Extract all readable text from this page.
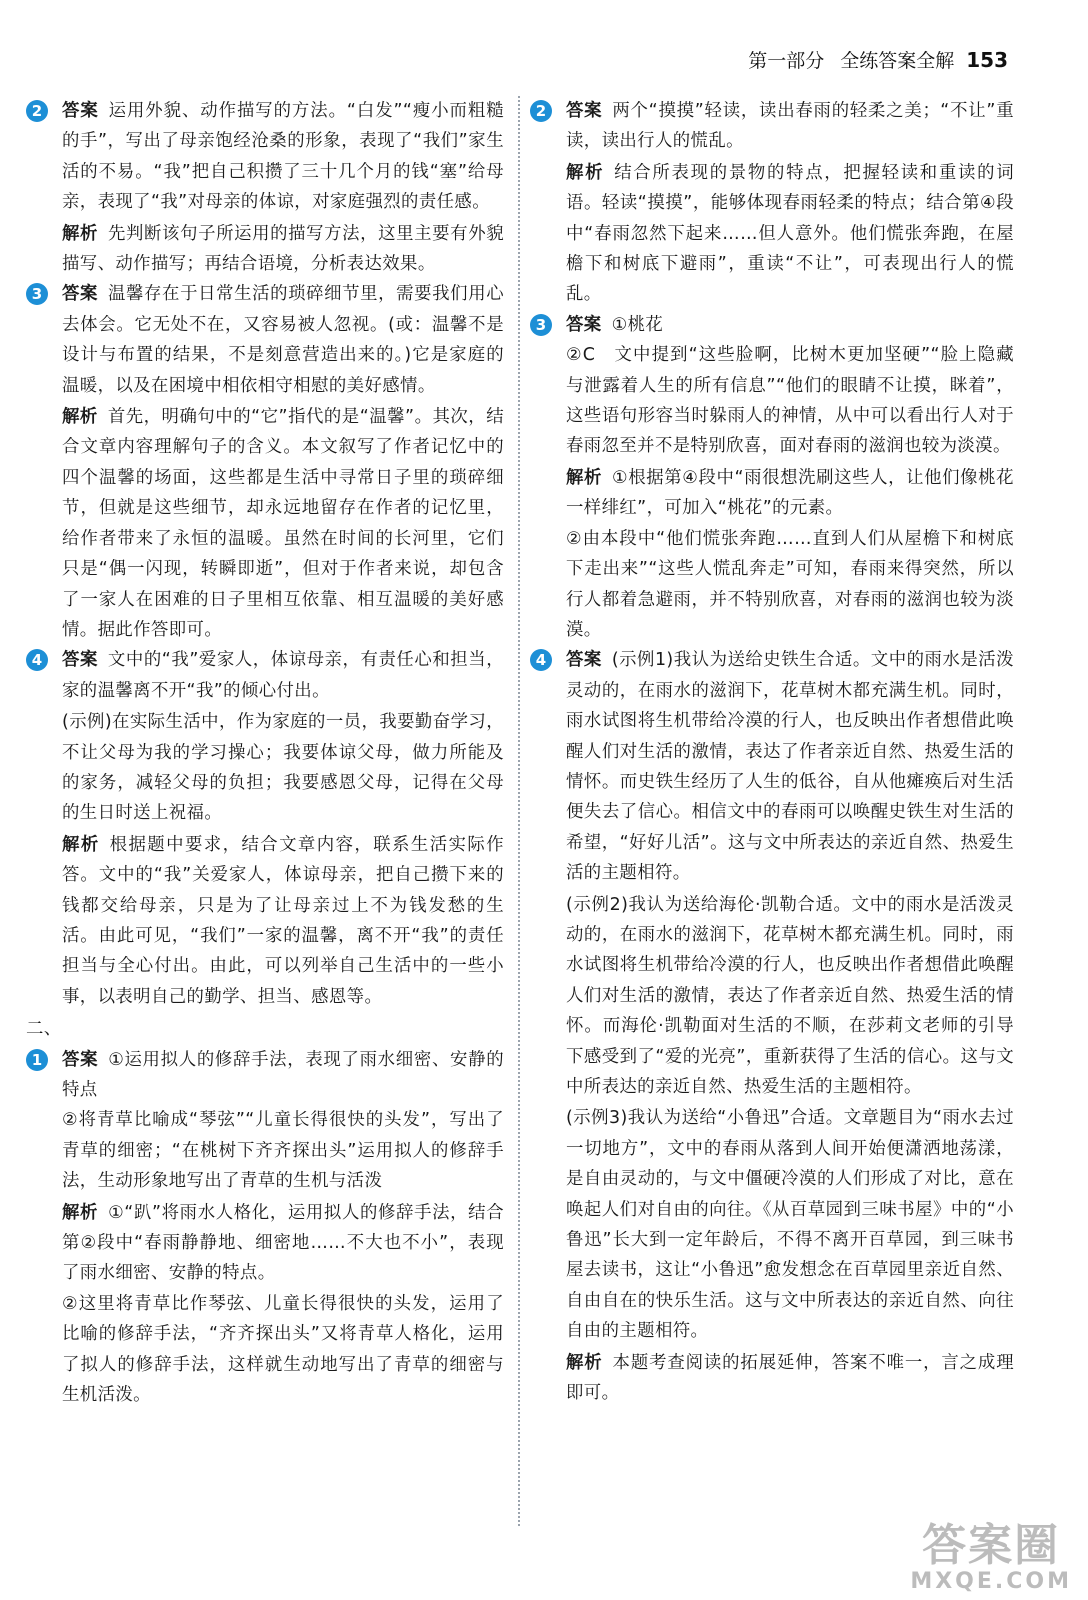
第一部分 全练答案全解 153
2	答案 运用外貌、动作描写的方法。“白发”“瘦小而粗糙的手”，写出了母亲饱经沧桑的形象，表现了“我们”家生活的不易。“我”把自己积攒了三十几个月的钱“塞”给母亲，表现了“我”对母亲的体谅，对家庭强烈的责任感。

解析 先判断该句子所运用的描写方法，这里主要有外貌描写、动作描写；再结合语境，分析表达效果。

3	答案 温馨存在于日常生活的琐碎细节里，需要我们用心去体会。它无处不在，又容易被人忽视。(或：温馨不是设计与布置的结果，不是刻意营造出来的。)它是家庭的温暖，以及在困境中相依相守相慰的美好感情。

解析 首先，明确句中的“它”指代的是“温馨”。其次，结合文章内容理解句子的含义。本文叙写了作者记忆中的四个温馨的场面，这些都是生活中寻常日子里的琐碎细节，但就是这些细节，却永远地留存在作者的记忆里，给作者带来了永恒的温暖。虽然在时间的长河里，它们只是“偶一闪现，转瞬即逝”，但对于作者来说，却包含了一家人在困难的日子里相互依靠、相互温暖的美好感情。据此作答即可。

4	答案 文中的“我”爱家人，体谅母亲，有责任心和担当，家的温馨离不开“我”的倾心付出。

(示例)在实际生活中，作为家庭的一员，我要勤奋学习，不让父母为我的学习操心；我要体谅父母，做力所能及的家务，减轻父母的负担；我要感恩父母，记得在父母的生日时送上祝福。

解析 根据题中要求，结合文章内容，联系生活实际作答。文中的“我”关爱家人，体谅母亲，把自己攒下来的钱都交给母亲，只是为了让母亲过上不为钱发愁的生活。由此可见，“我们”一家的温馨，离不开“我”的责任担当与全心付出。由此，可以列举自己生活中的一些小事，以表明自己的勤学、担当、感恩等。

二、

1	答案 ①运用拟人的修辞手法，表现了雨水细密、安静的特点

②将青草比喻成“琴弦”“儿童长得很快的头发”，写出了青草的细密；“在桃树下齐齐探出头”运用拟人的修辞手法，生动形象地写出了青草的生机与活泼

解析 ①“趴”将雨水人格化，运用拟人的修辞手法，结合第②段中“春雨静静地、细密地……不大也不小”，表现了雨水细密、安静的特点。

②这里将青草比作琴弦、儿童长得很快的头发，运用了比喻的修辞手法，“齐齐探出头”又将青草人格化，运用了拟人的修辞手法，这样就生动地写出了青草的细密与生机活泼。

2	答案 两个“摸摸”轻读，读出春雨的轻柔之美；“不让”重读，读出行人的慌乱。

解析 结合所表现的景物的特点，把握轻读和重读的词语。轻读“摸摸”，能够体现春雨轻柔的特点；结合第④段中“春雨忽然下起来……但人意外。他们慌张奔跑，在屋檐下和树底下避雨”，重读“不让”，可表现出行人的慌乱。

3	答案 ①桃花

②C　文中提到“这些脸啊，比树木更加坚硬”“脸上隐藏与泄露着人生的所有信息”“他们的眼睛不让摸，眯着”，这些语句形容当时躲雨人的神情，从中可以看出行人对于春雨忽至并不是特别欣喜，面对春雨的滋润也较为淡漠。

解析 ①根据第④段中“雨很想洗刷这些人，让他们像桃花一样绯红”，可加入“桃花”的元素。

②由本段中“他们慌张奔跑……直到人们从屋檐下和树底下走出来”“这些人慌乱奔走”可知，春雨来得突然，所以行人都着急避雨，并不特别欣喜，对春雨的滋润也较为淡漠。

4	答案 (示例1)我认为送给史铁生合适。文中的雨水是活泼灵动的，在雨水的滋润下，花草树木都充满生机。同时，雨水试图将生机带给冷漠的行人，也反映出作者想借此唤醒人们对生活的激情，表达了作者亲近自然、热爱生活的情怀。而史铁生经历了人生的低谷，自从他瘫痪后对生活便失去了信心。相信文中的春雨可以唤醒史铁生对生活的希望，“好好儿活”。这与文中所表达的亲近自然、热爱生活的主题相符。

(示例2)我认为送给海伦·凯勒合适。文中的雨水是活泼灵动的，在雨水的滋润下，花草树木都充满生机。同时，雨水试图将生机带给冷漠的行人，也反映出作者想借此唤醒人们对生活的激情，表达了作者亲近自然、热爱生活的情怀。而海伦·凯勒面对生活的不顺，在莎莉文老师的引导下感受到了“爱的光亮”，重新获得了生活的信心。这与文中所表达的亲近自然、热爱生活的主题相符。

(示例3)我认为送给“小鲁迅”合适。文章题目为“雨水去过一切地方”，文中的春雨从落到人间开始便潇洒地荡漾，是自由灵动的，与文中僵硬冷漠的人们形成了对比，意在唤起人们对自由的向往。《从百草园到三味书屋》中的“小鲁迅”长大到一定年龄后，不得不离开百草园，到三味书屋去读书，这让“小鲁迅”愈发想念在百草园里亲近自然、自由自在的快乐生活。这与文中所表达的亲近自然、向往自由的主题相符。

解析 本题考查阅读的拓展延伸，答案不唯一，言之成理即可。

答案圈
MXQE.COM
